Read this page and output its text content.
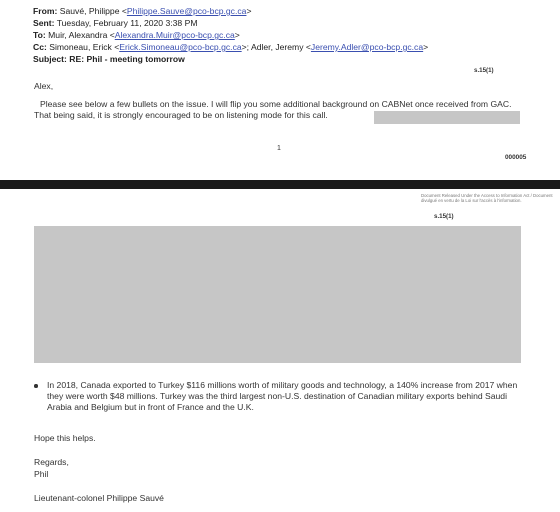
From: Sauvé, Philippe <Philippe.Sauve@pco-bcp.gc.ca>
Sent: Tuesday, February 11, 2020 3:38 PM
To: Muir, Alexandra <Alexandra.Muir@pco-bcp.gc.ca>
Cc: Simoneau, Erick <Erick.Simoneau@pco-bcp.gc.ca>; Adler, Jeremy <Jeremy.Adler@pco-bcp.gc.ca>
Subject: RE: Phil - meeting tomorrow
s.15(1)
Alex,
Please see below a few bullets on the issue. I will flip you some additional background on CABNet once received from GAC. That being said, it is strongly encouraged to be on listening mode for this call.
1
000005
Document Released Under the Access to Information Act / Document divulgué en vertu de la Loi sur l'accès à l'information.
s.15(1)
In 2018, Canada exported to Turkey $116 millions worth of military goods and technology, a 140% increase from 2017 when they were worth $48 millions. Turkey was the third largest non-U.S. destination of Canadian military exports behind Saudi Arabia and Belgium but in front of France and the U.K.
Hope this helps.
Regards,
Phil
Lieutenant-colonel Philippe Sauvé
